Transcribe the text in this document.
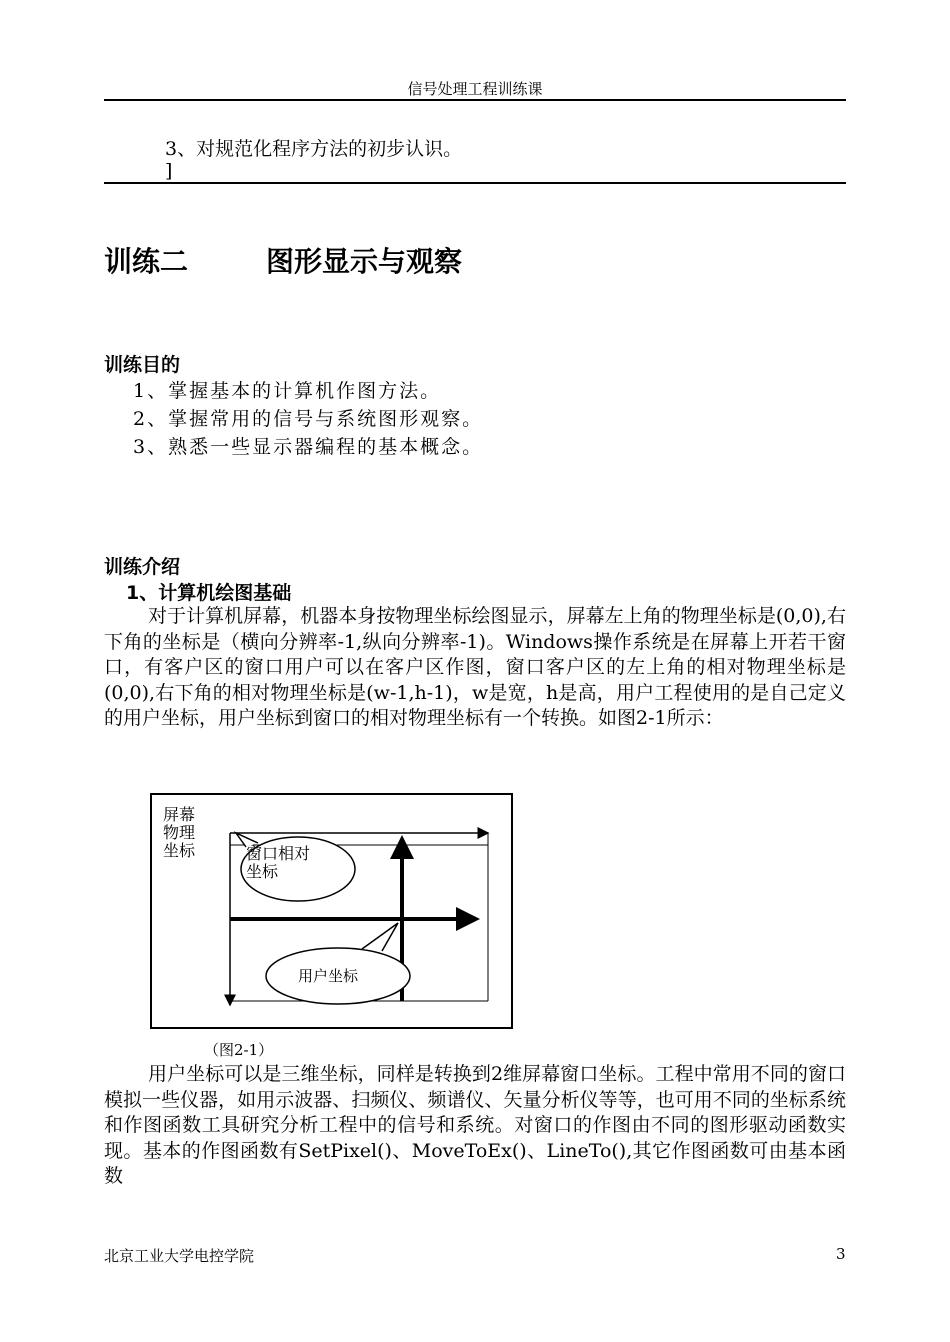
信号处理工程训练课
3、对规范化程序方法的初步认识。
]
训练二	图形显示与观察
训练目的
1、掌握基本的计算机作图方法。
2、掌握常用的信号与系统图形观察。
3、熟悉一些显示器编程的基本概念。
训练介绍
1、计算机绘图基础
对于计算机屏幕，机器本身按物理坐标绘图显示，屏幕左上角的物理坐标是(0,0),右下角的坐标是（横向分辨率-1,纵向分辨率-1)。Windows操作系统是在屏幕上开若干窗口，有客户区的窗口用户可以在客户区作图，窗口客户区的左上角的相对物理坐标是(0,0),右下角的相对物理坐标是(w-1,h-1)，w是宽，h是高，用户工程使用的是自己定义的用户坐标，用户坐标到窗口的相对物理坐标有一个转换。如图2-1所示：
屏幕
物理
坐标	窗口相对
坐标
用户坐标
（图2-1）
用户坐标可以是三维坐标，同样是转换到2维屏幕窗口坐标。工程中常用不同的窗口模拟一些仪器，如用示波器、扫频仪、频谱仪、矢量分析仪等等，也可用不同的坐标系统和作图函数工具研究分析工程中的信号和系统。对窗口的作图由不同的图形驱动函数实现。基本的作图函数有SetPixel()、MoveToEx()、LineTo(),其它作图函数可由基本函数
北京工业大学电控学院	3
